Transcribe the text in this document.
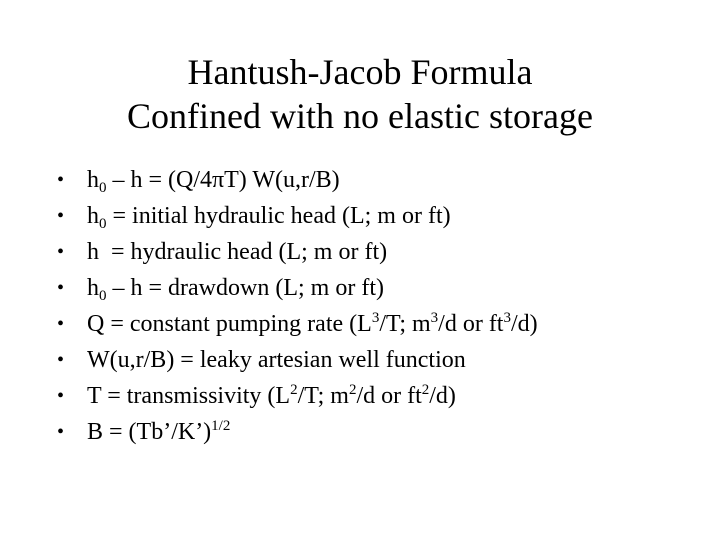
Hantush-Jacob Formula
Confined with no elastic storage
• $h_0 - h = (Q/4\pi T)$ W(u,r/B)
• $h_0$ = initial hydraulic head (L; m or ft)
• h  = hydraulic head (L; m or ft)
• $h_0$ – h = drawdown (L; m or ft)
• Q = constant pumping rate ($L^3/T$; $m^3/d$ or $ft^3/d$)
• W(u,r/B) = leaky artesian well function
• T = transmissivity ($L^2/T$; $m^2/d$ or $ft^2/d$)
• B = (Tb’/K’)$^{1/2}$
